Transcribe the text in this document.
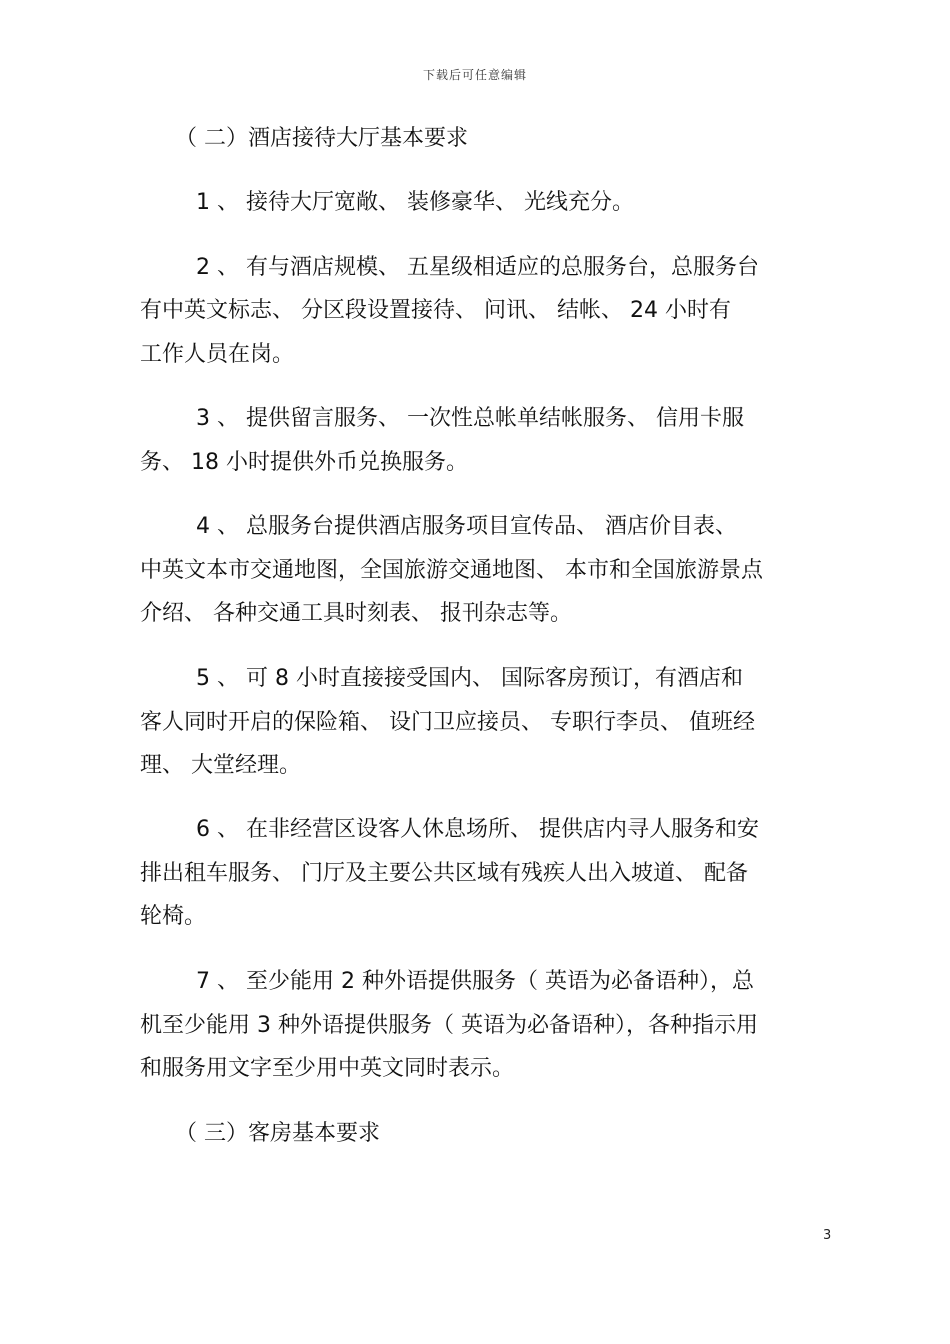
下载后可任意编辑
（ 二）酒店接待大厅基本要求
1 、 接待大厅宽敞、 装修豪华、 光线充分。
2 、 有与酒店规模、 五星级相适应的总服务台，总服务台
有中英文标志、 分区段设置接待、 问讯、 结帐、 24 小时有
工作人员在岗。
3 、 提供留言服务、 一次性总帐单结帐服务、 信用卡服
务、 18 小时提供外币兑换服务。
4 、 总服务台提供酒店服务项目宣传品、 酒店价目表、
中英文本市交通地图，全国旅游交通地图、 本市和全国旅游景点
介绍、 各种交通工具时刻表、 报刊杂志等。
5 、 可 8 小时直接接受国内、 国际客房预订，有酒店和
客人同时开启的保险箱、 设门卫应接员、 专职行李员、 值班经
理、 大堂经理。
6 、 在非经营区设客人休息场所、 提供店内寻人服务和安
排出租车服务、 门厅及主要公共区域有残疾人出入坡道、 配备
轮椅。
7 、 至少能用 2 种外语提供服务（ 英语为必备语种），总
机至少能用 3 种外语提供服务（ 英语为必备语种），各种指示用
和服务用文字至少用中英文同时表示。
（ 三）客房基本要求
3
